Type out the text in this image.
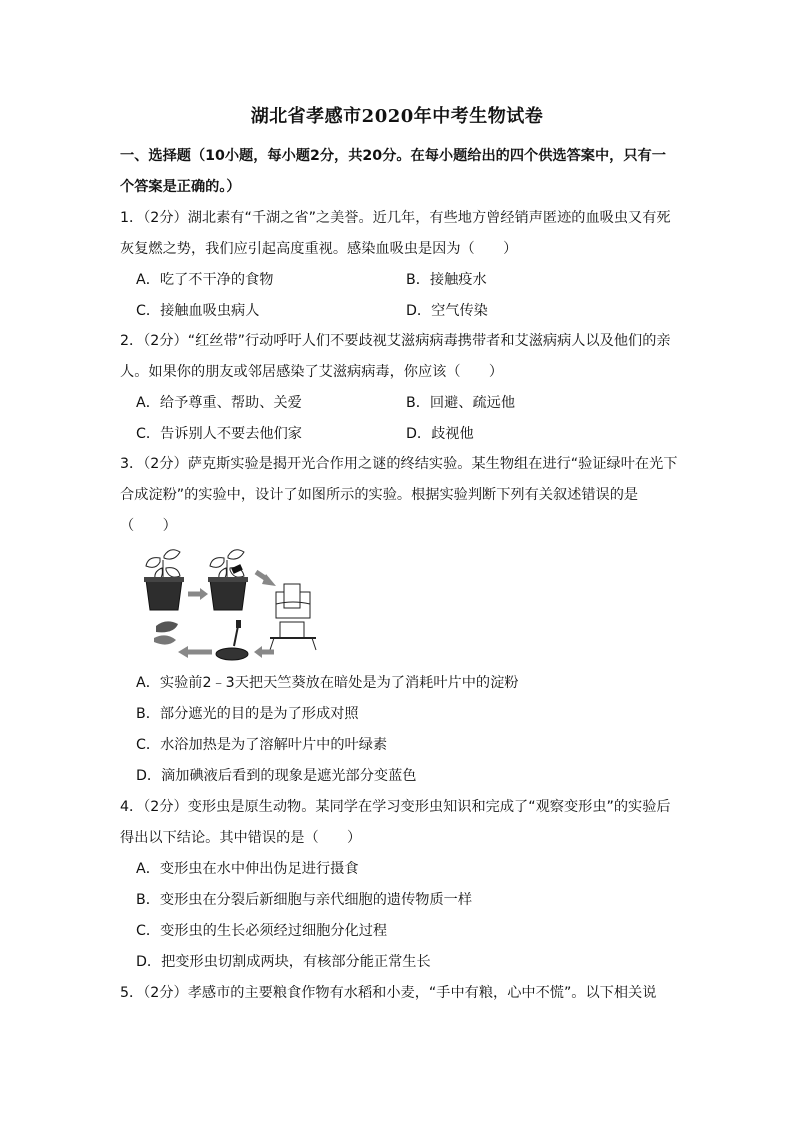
湖北省孝感市2020年中考生物试卷
一、选择题（10小题，每小题2分，共20分。在每小题给出的四个供选答案中，只有一个答案是正确的。）
1．（2分）湖北素有“千湖之省”之美誉。近几年，有些地方曾经销声匿迹的血吸虫又有死灰复燃之势，我们应引起高度重视。感染血吸虫是因为（　　）
A．吃了不干净的食物	B．接触疫水
C．接触血吸虫病人	D．空气传染
2．（2分）“红丝带”行动呼吁人们不要歧视艾滋病病毒携带者和艾滋病病人以及他们的亲人。如果你的朋友或邻居感染了艾滋病病毒，你应该（　　）
A．给予尊重、帮助、关爱	B．回避、疏远他
C．告诉别人不要去他们家	D．歧视他
3．（2分）萨克斯实验是揭开光合作用之谜的终结实验。某生物组在进行“验证绿叶在光下合成淀粉”的实验中，设计了如图所示的实验。根据实验判断下列有关叙述错误的是（　　）
A．实验前2﹣3天把天竺葵放在暗处是为了消耗叶片中的淀粉
B．部分遮光的目的是为了形成对照
C．水浴加热是为了溶解叶片中的叶绿素
D．滴加碘液后看到的现象是遮光部分变蓝色
4．（2分）变形虫是原生动物。某同学在学习变形虫知识和完成了“观察变形虫”的实验后得出以下结论。其中错误的是（　　）
A．变形虫在水中伸出伪足进行摄食
B．变形虫在分裂后新细胞与亲代细胞的遗传物质一样
C．变形虫的生长必须经过细胞分化过程
D．把变形虫切割成两块，有核部分能正常生长
5．（2分）孝感市的主要粮食作物有水稻和小麦，“手中有粮，心中不慌”。以下相关说
